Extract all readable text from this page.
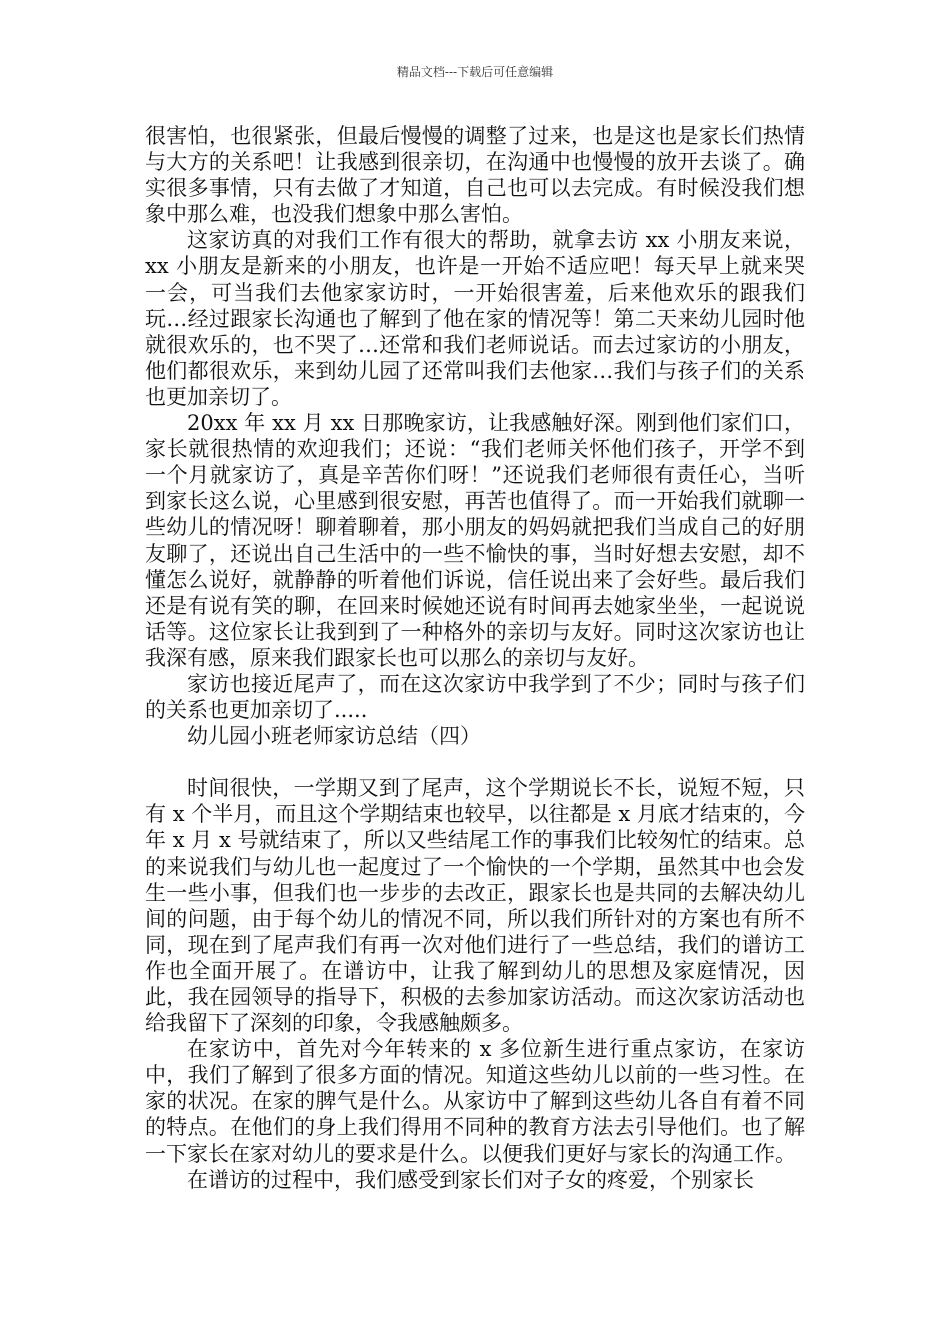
精品文档---下载后可任意编辑

很害怕，也很紧张，但最后慢慢的调整了过来，也是这也是家长们热情与大方的关系吧！让我感到很亲切，在沟通中也慢慢的放开去谈了。确实很多事情，只有去做了才知道，自己也可以去完成。有时候没我们想象中那么难，也没我们想象中那么害怕。

这家访真的对我们工作有很大的帮助，就拿去访 xx 小朋友来说，xx 小朋友是新来的小朋友，也许是一开始不适应吧！每天早上就来哭一会，可当我们去他家家访时，一开始很害羞，后来他欢乐的跟我们玩…经过跟家长沟通也了解到了他在家的情况等！第二天来幼儿园时他就很欢乐的，也不哭了…还常和我们老师说话。而去过家访的小朋友，他们都很欢乐，来到幼儿园了还常叫我们去他家…我们与孩子们的关系也更加亲切了。

20xx 年 xx 月 xx 日那晚家访，让我感触好深。刚到他们家们口，家长就很热情的欢迎我们；还说：“我们老师关怀他们孩子，开学不到一个月就家访了，真是辛苦你们呀！”还说我们老师很有责任心，当听到家长这么说，心里感到很安慰，再苦也值得了。而一开始我们就聊一些幼儿的情况呀！聊着聊着，那小朋友的妈妈就把我们当成自己的好朋友聊了，还说出自己生活中的一些不愉快的事，当时好想去安慰，却不懂怎么说好，就静静的听着他们诉说，信任说出来了会好些。最后我们还是有说有笑的聊，在回来时候她还说有时间再去她家坐坐，一起说说话等。这位家长让我到到了一种格外的亲切与友好。同时这次家访也让我深有感，原来我们跟家长也可以那么的亲切与友好。

家访也接近尾声了，而在这次家访中我学到了不少；同时与孩子们的关系也更加亲切了.....

幼儿园小班老师家访总结（四）

时间很快，一学期又到了尾声，这个学期说长不长，说短不短，只有 x 个半月，而且这个学期结束也较早，以往都是 x 月底才结束的，今年 x 月 x 号就结束了，所以又些结尾工作的事我们比较匆忙的结束。总的来说我们与幼儿也一起度过了一个愉快的一个学期，虽然其中也会发生一些小事，但我们也一步步的去改正，跟家长也是共同的去解决幼儿间的问题，由于每个幼儿的情况不同，所以我们所针对的方案也有所不同，现在到了尾声我们有再一次对他们进行了一些总结，我们的谱访工作也全面开展了。在谱访中，让我了解到幼儿的思想及家庭情况，因此，我在园领导的指导下，积极的去参加家访活动。而这次家访活动也给我留下了深刻的印象，令我感触颇多。

在家访中，首先对今年转来的 x 多位新生进行重点家访，在家访中，我们了解到了很多方面的情况。知道这些幼儿以前的一些习性。在家的状况。在家的脾气是什么。从家访中了解到这些幼儿各自有着不同的特点。在他们的身上我们得用不同种的教育方法去引导他们。也了解一下家长在家对幼儿的要求是什么。以便我们更好与家长的沟通工作。

在谱访的过程中，我们感受到家长们对子女的疼爱，个别家长
